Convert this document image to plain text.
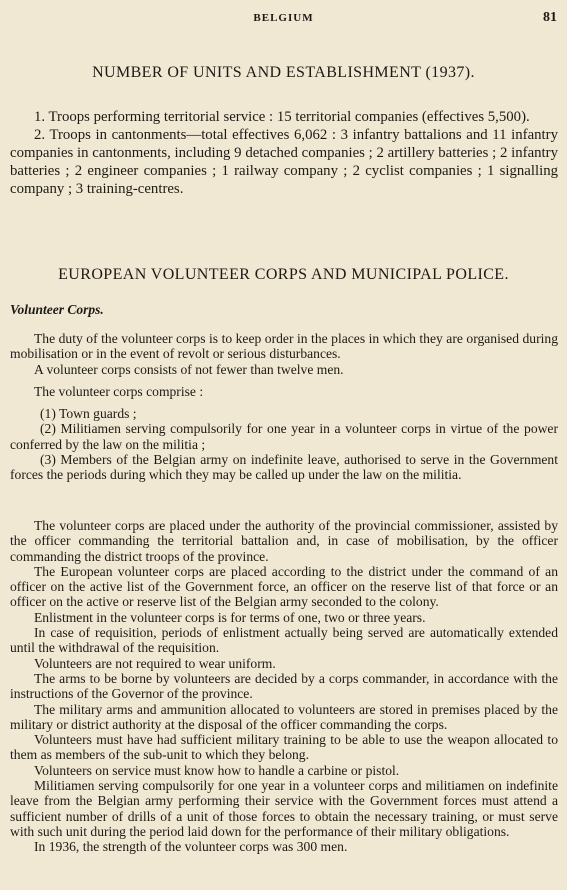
BELGIUM	81
NUMBER OF UNITS AND ESTABLISHMENT (1937).

1. Troops performing territorial service : 15 territorial companies (effectives 5,500).

2. Troops in cantonments—total effectives 6,062 : 3 infantry battalions and 11 infantry companies in cantonments, including 9 detached companies ; 2 artillery batteries ; 2 infantry batteries ; 2 engineer companies ; 1 railway company ; 2 cyclist companies ; 1 signalling company ; 3 training-centres.

EUROPEAN VOLUNTEER CORPS AND MUNICIPAL POLICE.
Volunteer Corps.

The duty of the volunteer corps is to keep order in the places in which they are organised during mobilisation or in the event of revolt or serious disturbances.

A volunteer corps consists of not fewer than twelve men.

The volunteer corps comprise :

(1) Town guards ;

(2) Militiamen serving compulsorily for one year in a volunteer corps in virtue of the power conferred by the law on the militia ;

(3) Members of the Belgian army on indefinite leave, authorised to serve in the Government forces the periods during which they may be called up under the law on the militia.

The volunteer corps are placed under the authority of the provincial commissioner, assisted by the officer commanding the territorial battalion and, in case of mobilisation, by the officer commanding the district troops of the province.

The European volunteer corps are placed according to the district under the command of an officer on the active list of the Government force, an officer on the reserve list of that force or an officer on the active or reserve list of the Belgian army seconded to the colony.

Enlistment in the volunteer corps is for terms of one, two or three years.

In case of requisition, periods of enlistment actually being served are automatically extended until the withdrawal of the requisition.

Volunteers are not required to wear uniform.

The arms to be borne by volunteers are decided by a corps commander, in accordance with the instructions of the Governor of the province.

The military arms and ammunition allocated to volunteers are stored in premises placed by the military or district authority at the disposal of the officer commanding the corps.

Volunteers must have had sufficient military training to be able to use the weapon allocated to them as members of the sub-unit to which they belong.

Volunteers on service must know how to handle a carbine or pistol.

Militiamen serving compulsorily for one year in a volunteer corps and militiamen on indefinite leave from the Belgian army performing their service with the Government forces must attend a sufficient number of drills of a unit of those forces to obtain the necessary training, or must serve with such unit during the period laid down for the performance of their military obligations.

In 1936, the strength of the volunteer corps was 300 men.
